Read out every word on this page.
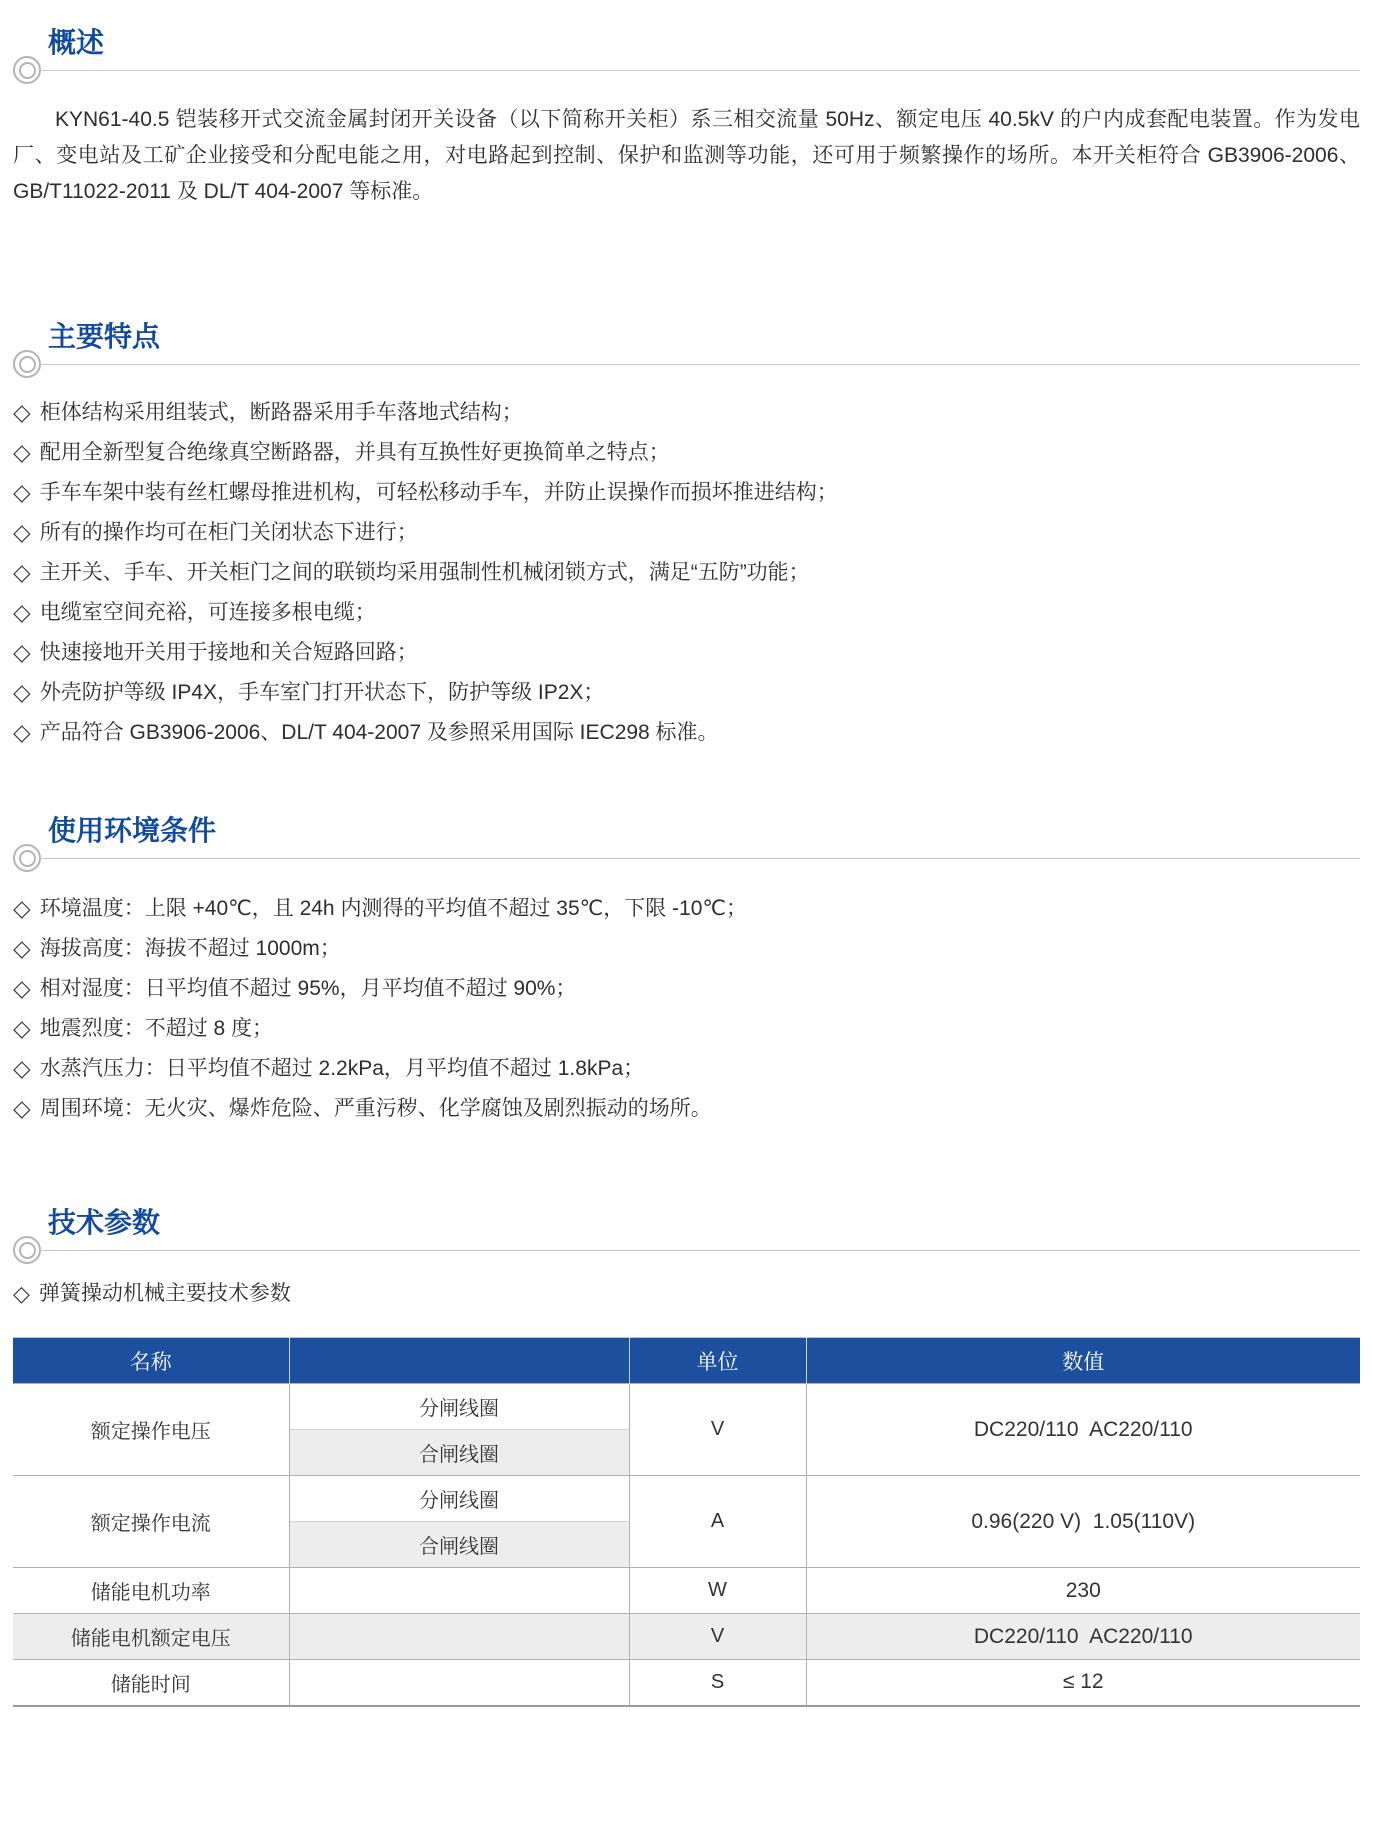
概述

KYN61-40.5 铠装移开式交流金属封闭开关设备（以下简称开关柜）系三相交流量 50Hz、额定电压 40.5kV 的户内成套配电装置。作为发电厂、变电站及工矿企业接受和分配电能之用，对电路起到控制、保护和监测等功能，还可用于频繁操作的场所。本开关柜符合 GB3906-2006、GB/T11022-2011 及 DL/T 404-2007 等标准。

主要特点
◇ 柜体结构采用组装式，断路器采用手车落地式结构；
◇ 配用全新型复合绝缘真空断路器，并具有互换性好更换简单之特点；
◇ 手车车架中装有丝杠螺母推进机构，可轻松移动手车，并防止误操作而损坏推进结构；
◇ 所有的操作均可在柜门关闭状态下进行；
◇ 主开关、手车、开关柜门之间的联锁均采用强制性机械闭锁方式，满足“五防”功能；
◇ 电缆室空间充裕，可连接多根电缆；
◇ 快速接地开关用于接地和关合短路回路；
◇ 外壳防护等级 IP4X，手车室门打开状态下，防护等级 IP2X；
◇ 产品符合 GB3906-2006、DL/T 404-2007 及参照采用国际 IEC298 标准。
使用环境条件
◇ 环境温度：上限 +40℃，且 24h 内测得的平均值不超过 35℃，下限 -10℃；
◇ 海拔高度：海拔不超过 1000m；
◇ 相对湿度：日平均值不超过 95%，月平均值不超过 90%；
◇ 地震烈度：不超过 8 度；
◇ 水蒸汽压力：日平均值不超过 2.2kPa，月平均值不超过 1.8kPa；
◇ 周围环境：无火灾、爆炸危险、严重污秽、化学腐蚀及剧烈振动的场所。
技术参数

◇ 弹簧操动机械主要技术参数

名称		单位	数值
额定操作电压	分闸线圈	V	DC220/110  AC220/110
	合闸线圈		
额定操作电流	分闸线圈	A	0.96(220 V)  1.05(110V)
	合闸线圈		
储能电机功率		W	230
储能电机额定电压		V	DC220/110  AC220/110
储能时间		S	≤ 12
